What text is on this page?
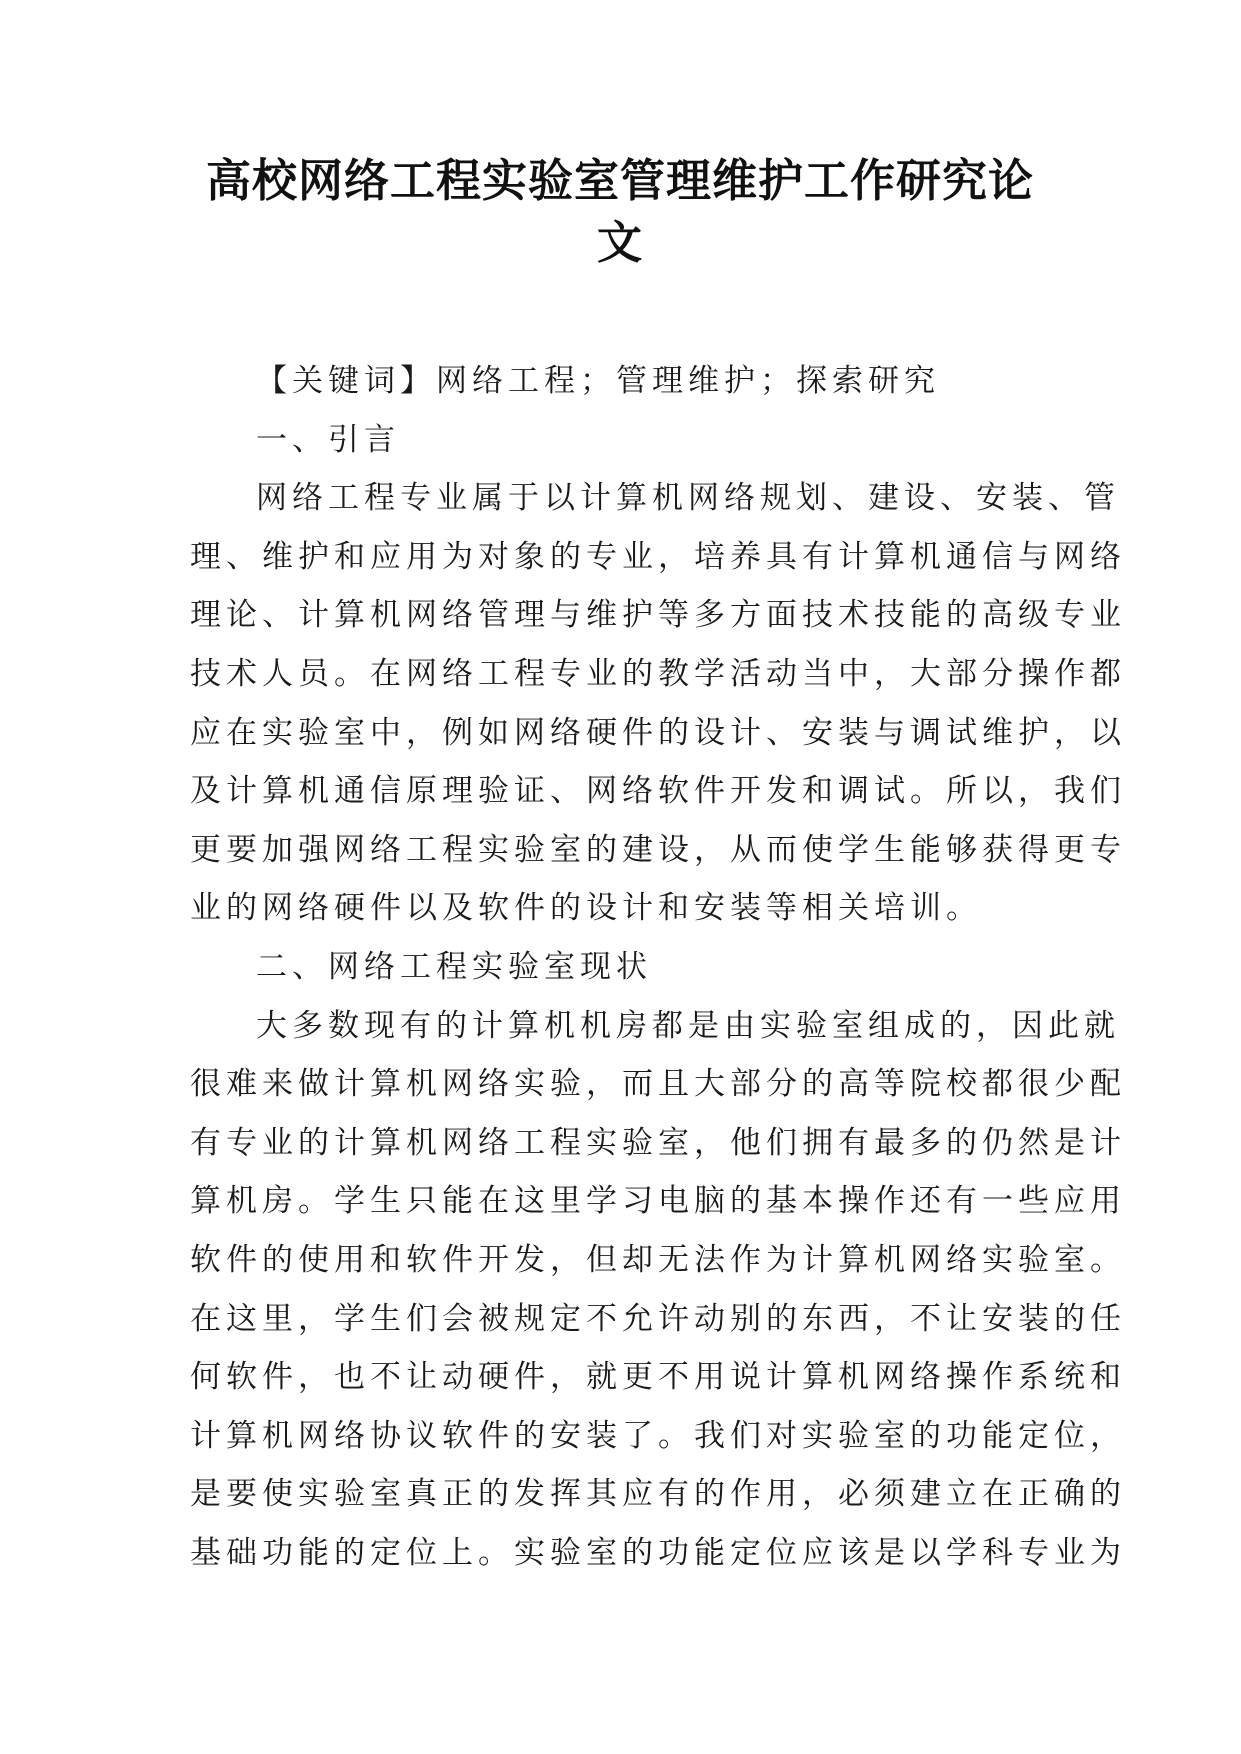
高校网络工程实验室管理维护工作研究论
文
【关键词】网络工程；管理维护；探索研究
一、引言
网络工程专业属于以计算机网络规划、建设、安装、管
理、维护和应用为对象的专业，培养具有计算机通信与网络
理论、计算机网络管理与维护等多方面技术技能的高级专业
技术人员。在网络工程专业的教学活动当中，大部分操作都
应在实验室中，例如网络硬件的设计、安装与调试维护，以
及计算机通信原理验证、网络软件开发和调试。所以，我们
更要加强网络工程实验室的建设，从而使学生能够获得更专
业的网络硬件以及软件的设计和安装等相关培训。
二、网络工程实验室现状
大多数现有的计算机机房都是由实验室组成的，因此就
很难来做计算机网络实验，而且大部分的高等院校都很少配
有专业的计算机网络工程实验室，他们拥有最多的仍然是计
算机房。学生只能在这里学习电脑的基本操作还有一些应用
软件的使用和软件开发，但却无法作为计算机网络实验室。
在这里，学生们会被规定不允许动别的东西，不让安装的任
何软件，也不让动硬件，就更不用说计算机网络操作系统和
计算机网络协议软件的安装了。我们对实验室的功能定位，
是要使实验室真正的发挥其应有的作用，必须建立在正确的
基础功能的定位上。实验室的功能定位应该是以学科专业为
